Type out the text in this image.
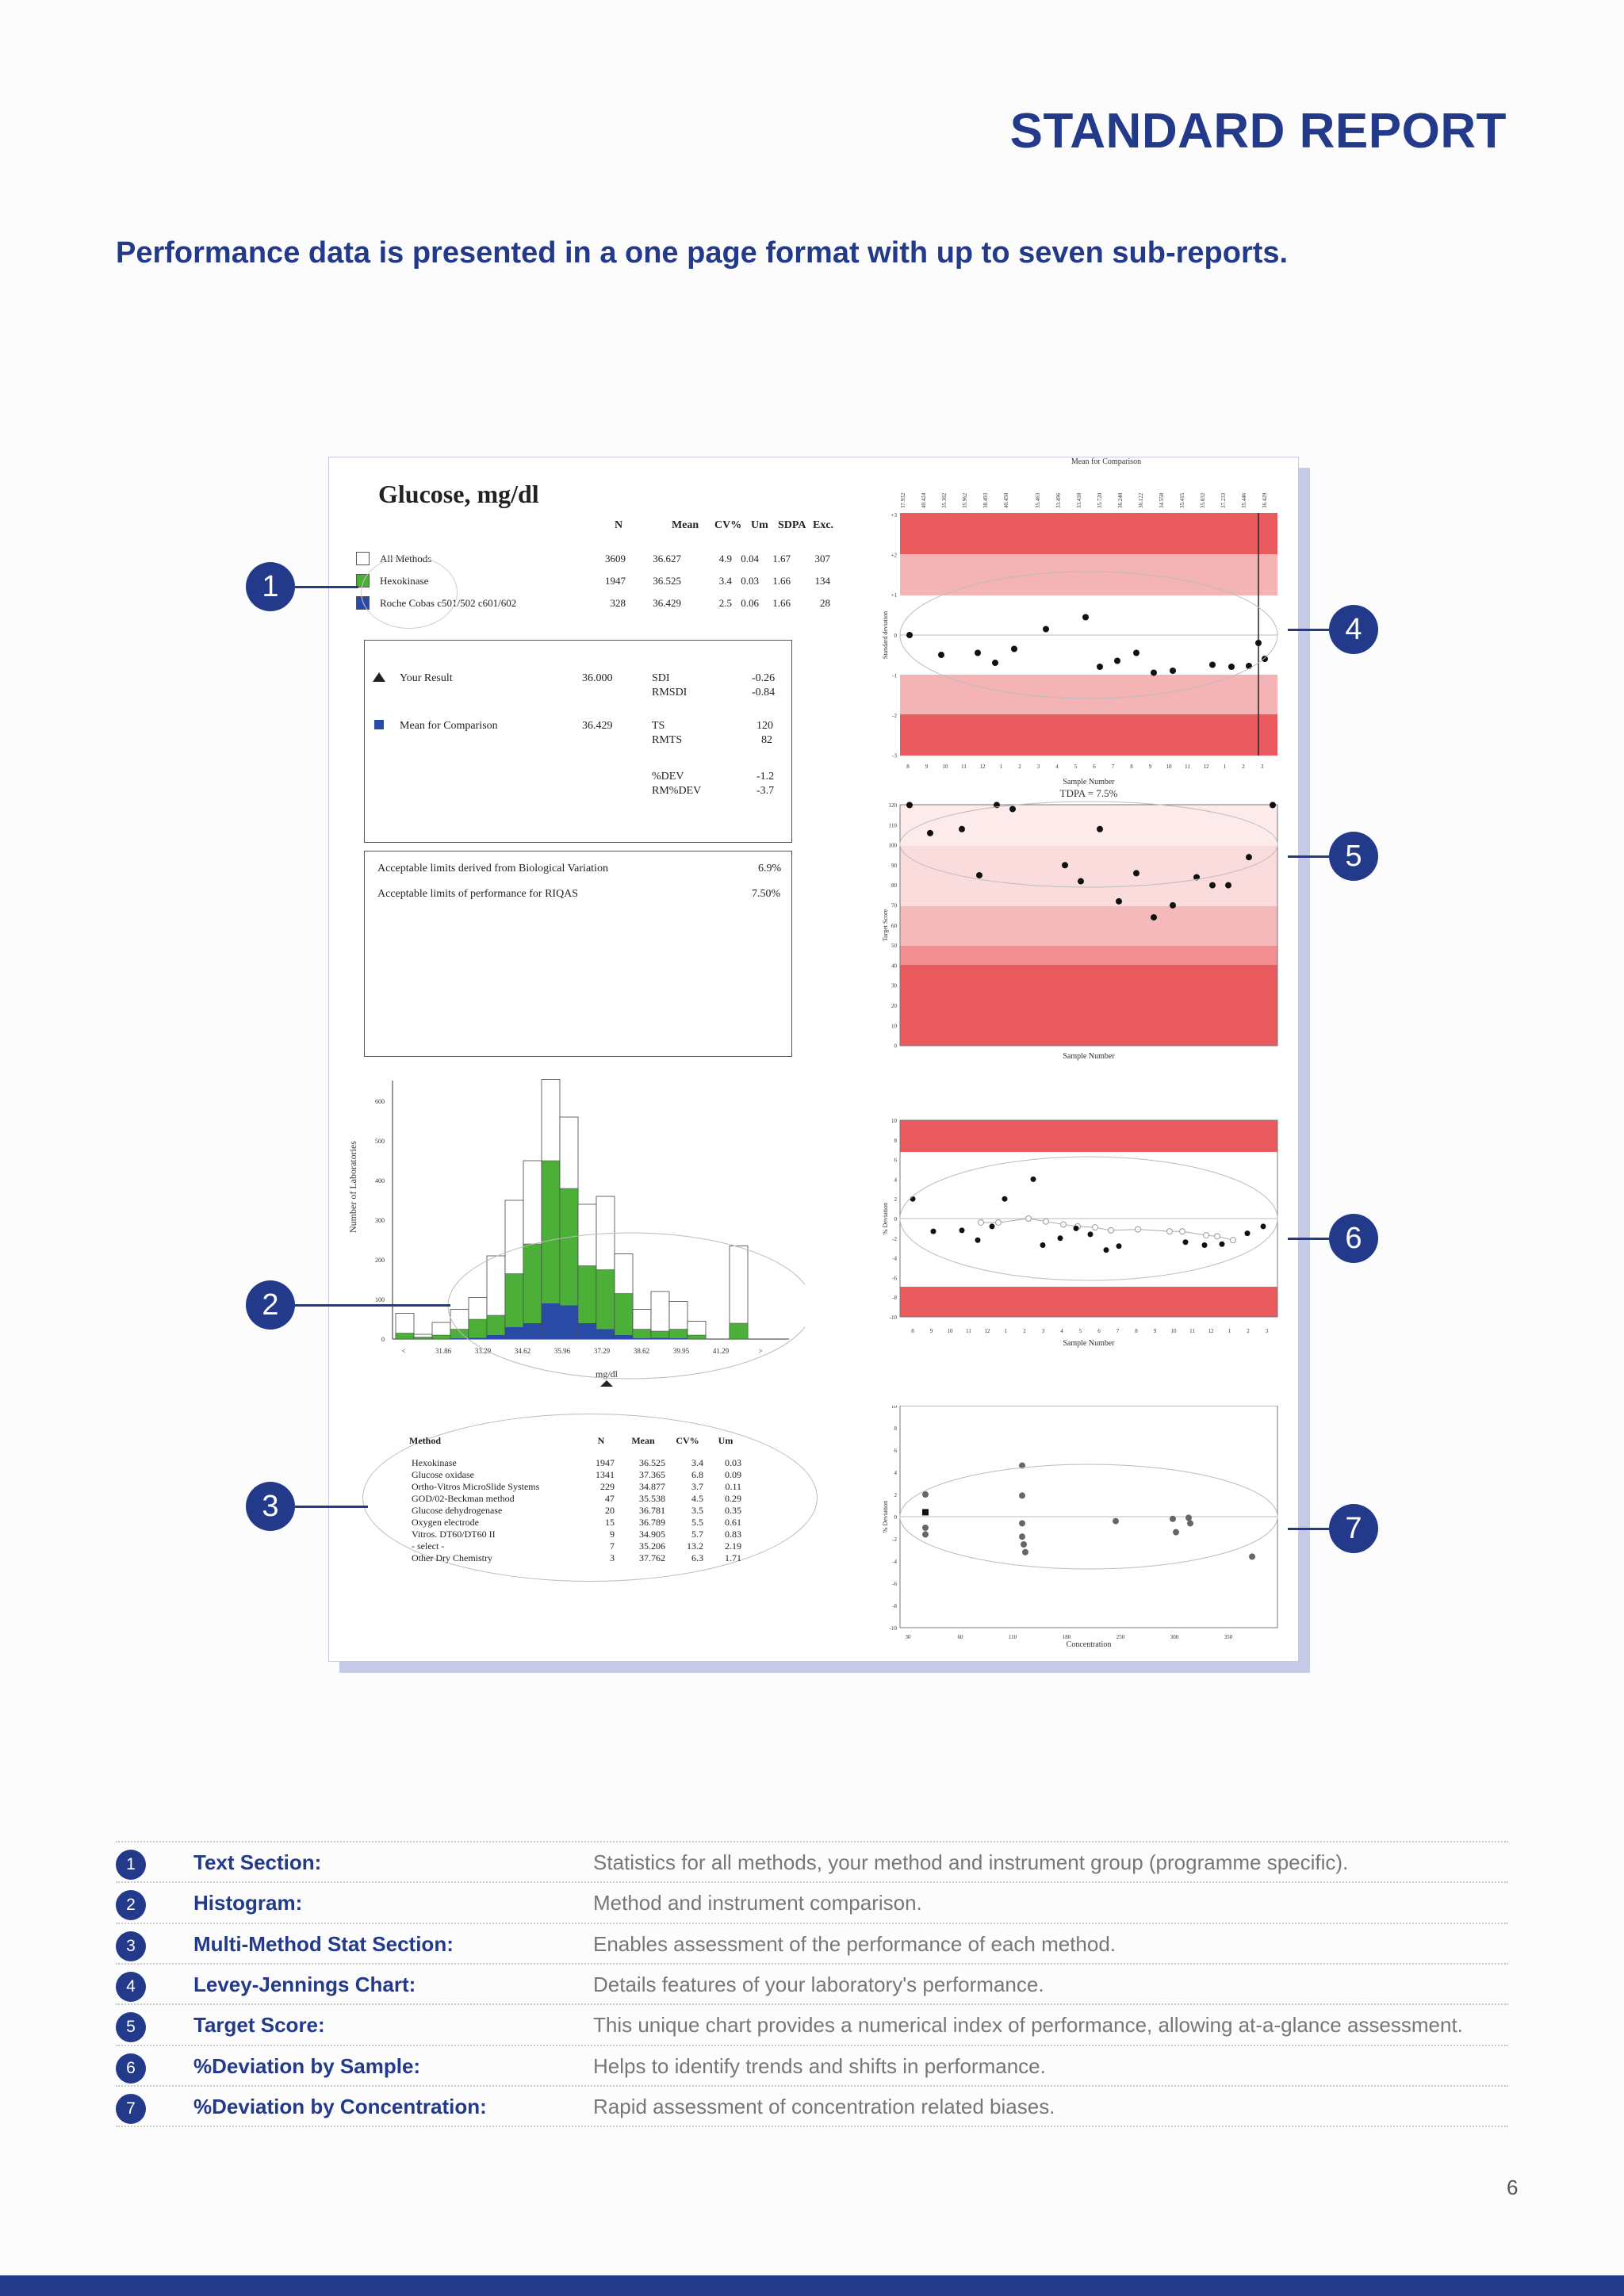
STANDARD REPORT
Performance data is presented in a one page format with up to seven sub-reports.
Glucose, mg/dl
N	Mean CV% Um SDPA Exc.
All Methods	3609	36.627	4.9 0.04	1.67	307
Hexokinase	1947	36.525	3.4 0.03	1.66	134
Roche Cobas c501/502 c601/602	328	36.429	2.5 0.06	1.66	28
Your Result	36.000
Mean for Comparison	36.429
SDI	-0.26
RMSDI	-0.84
TS	120
RMTS	82
%DEV	-1.2
RM%DEV	-3.7
Acceptable limits derived from Biological Variation	6.9%
Acceptable limits of performance for RIQAS	7.50%
Number of Laboratories
0
100
200
300
400
500
600
<	31.86	33.29	34.62	35.96	37.29	38.62	39.95	41.29	>
mg/dl
Method	N	Mean	CV%	Um

Hexokinase	1947	36.525	3.4	0.03
Glucose oxidase	1341	37.365	6.8	0.09
Ortho-Vitros MicroSlide Systems	229	34.877	3.7	0.11
GOD/02-Beckman method	47	35.538	4.5	0.29
Glucose dehydrogenase	20	36.781	3.5	0.35
Oxygen electrode	15	36.789	5.5	0.61
Vitros. DT60/DT60 II	9	34.905	5.7	0.83
- select -	7	35.206	13.2	2.19
Other Dry Chemistry	3	37.762	6.3	1.71
Mean for Comparison
37.932	40.424	35.302	35.962	38.493	40.450	35.463	33.496	33.418	35.720	36.240	36.122	34.558	35.415	35.032	37.233	35.446	36.429
+3
+2
+1
0
-1
-2
-3
8	9	10 11 12	1	2	3	4	5	6	7	8	9	10 11 12	1	2	3
Standard deviation
Sample Number
TDPA = 7.5%
120
110
100
90
80
70
60
50
40
30
20
10
0
Target Score
Sample Number
10
8
6
4
2
0
-2
-4
-6
-8
-10
8	9	10 11 12	1	2	3	4	5	6	7	8	9	10 11 12	1	2	3
% Deviation
Sample Number
10
8
6
4
2
0
-2
-4
-6
-8
-10
30	60	110	180	250	300	350
% Deviation
Concentration
1
2
3
4
5
6
7
1	Text Section:	Statistics for all methods, your method and instrument group (programme specific).
2	Histogram:	Method and instrument comparison.
3	Multi-Method Stat Section:	Enables assessment of the performance of each method.
4	Levey-Jennings Chart:	Details features of your laboratory's performance.
5	Target Score:	This unique chart provides a numerical index of performance, allowing at-a-glance assessment.
6	%Deviation by Sample:	Helps to identify trends and shifts in performance.
7	%Deviation by Concentration:	Rapid assessment of concentration related biases.
6
